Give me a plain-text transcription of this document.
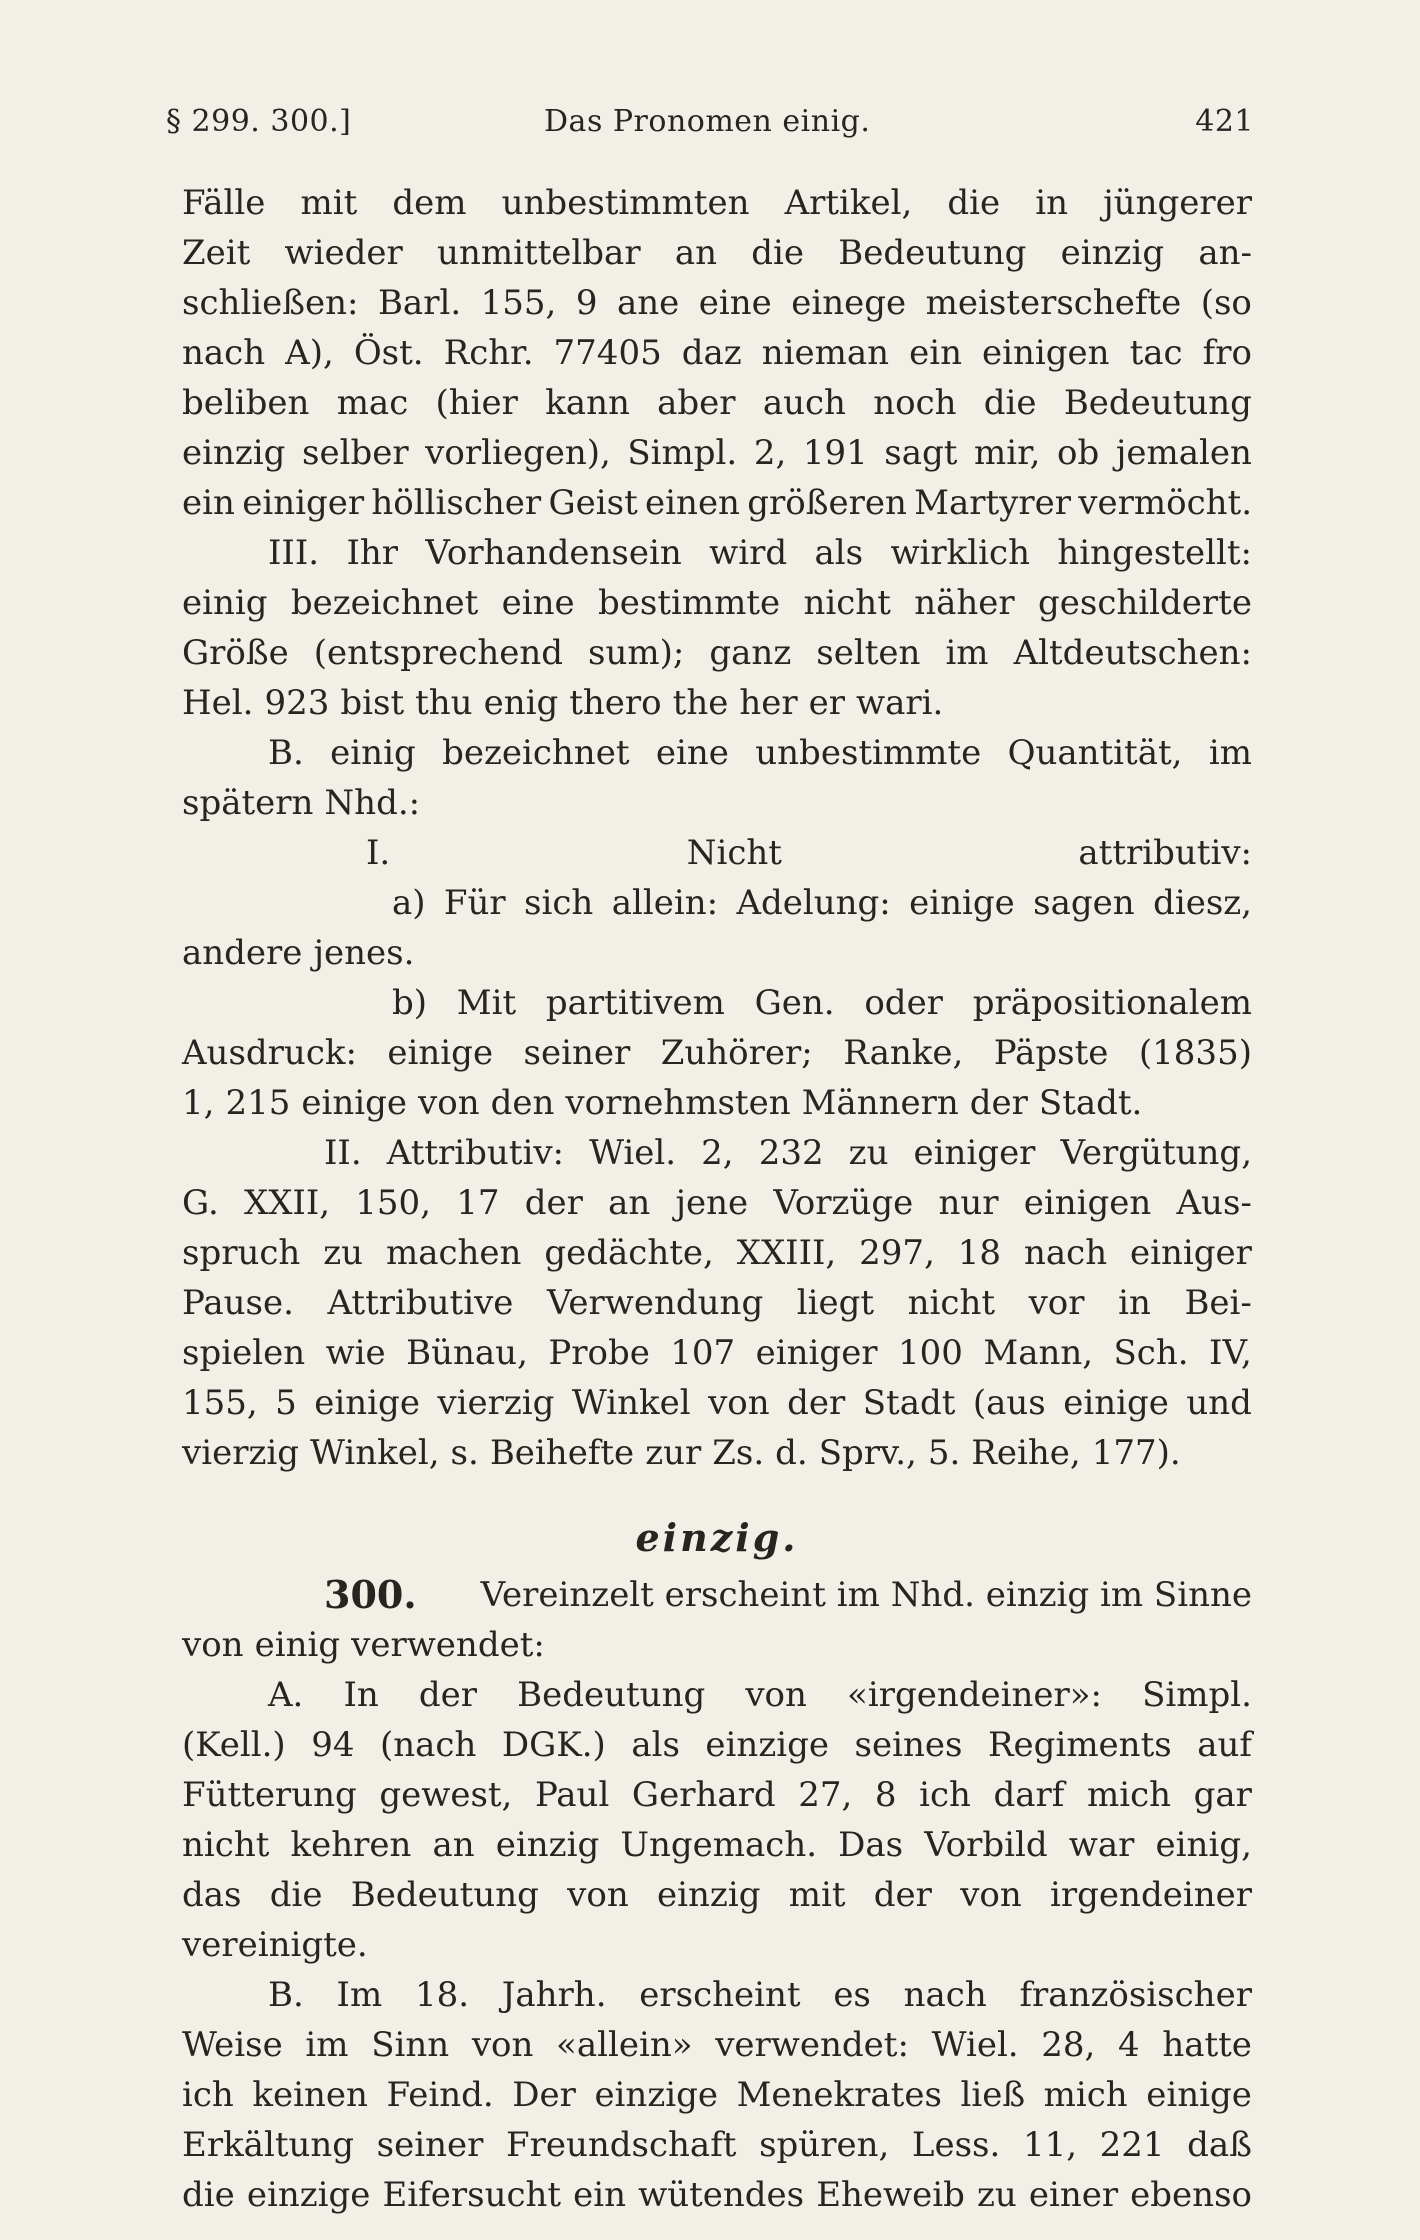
§ 299. 300.]	Das Pronomen einig.	421
Fälle mit dem unbestimmten Artikel, die in jüngerer
Zeit wieder unmittelbar an die Bedeutung einzig an-
schließen: Barl. 155, 9 ane eine einege meisterschefte (so
nach A), Öst. Rchr. 77405 daz nieman ein einigen tac fro
beliben mac (hier kann aber auch noch die Bedeutung
einzig selber vorliegen), Simpl. 2, 191 sagt mir, ob jemalen
ein einiger höllischer Geist einen größeren Martyrer vermöcht.
III. Ihr Vorhandensein wird als wirklich hingestellt:
einig bezeichnet eine bestimmte nicht näher geschilderte
Größe (entsprechend sum); ganz selten im Altdeutschen:
Hel. 923 bist thu enig thero the her er wari.
B. einig bezeichnet eine unbestimmte Quantität, im
spätern Nhd.:
I.	Nicht	attributiv:
a) Für sich allein: Adelung: einige sagen diesz,
andere jenes.
b) Mit partitivem Gen. oder präpositionalem
Ausdruck: einige seiner Zuhörer; Ranke, Päpste (1835)
1, 215 einige von den vornehmsten Männern der Stadt.
II. Attributiv: Wiel. 2, 232 zu einiger Vergütung,
G. XXII, 150, 17 der an jene Vorzüge nur einigen Aus-
spruch zu machen gedächte, XXIII, 297, 18 nach einiger
Pause. Attributive Verwendung liegt nicht vor in Bei-
spielen wie Bünau, Probe 107 einiger 100 Mann, Sch. IV,
155, 5 einige vierzig Winkel von der Stadt (aus einige und
vierzig Winkel, s. Beihefte zur Zs. d. Sprv., 5. Reihe, 177).
einzig.
300. Vereinzelt erscheint im Nhd. einzig im Sinne
von einig verwendet:
A. In der Bedeutung von «irgendeiner»: Simpl.
(Kell.) 94 (nach DGK.) als einzige seines Regiments auf
Fütterung gewest, Paul Gerhard 27, 8 ich darf mich gar
nicht kehren an einzig Ungemach. Das Vorbild war einig,
das die Bedeutung von einzig mit der von irgendeiner
vereinigte.
B. Im 18. Jahrh. erscheint es nach französischer
Weise im Sinn von «allein» verwendet: Wiel. 28, 4 hatte
ich keinen Feind. Der einzige Menekrates ließ mich einige
Erkältung seiner Freundschaft spüren, Less. 11, 221 daß
die einzige Eifersucht ein wütendes Eheweib zu einer ebenso
